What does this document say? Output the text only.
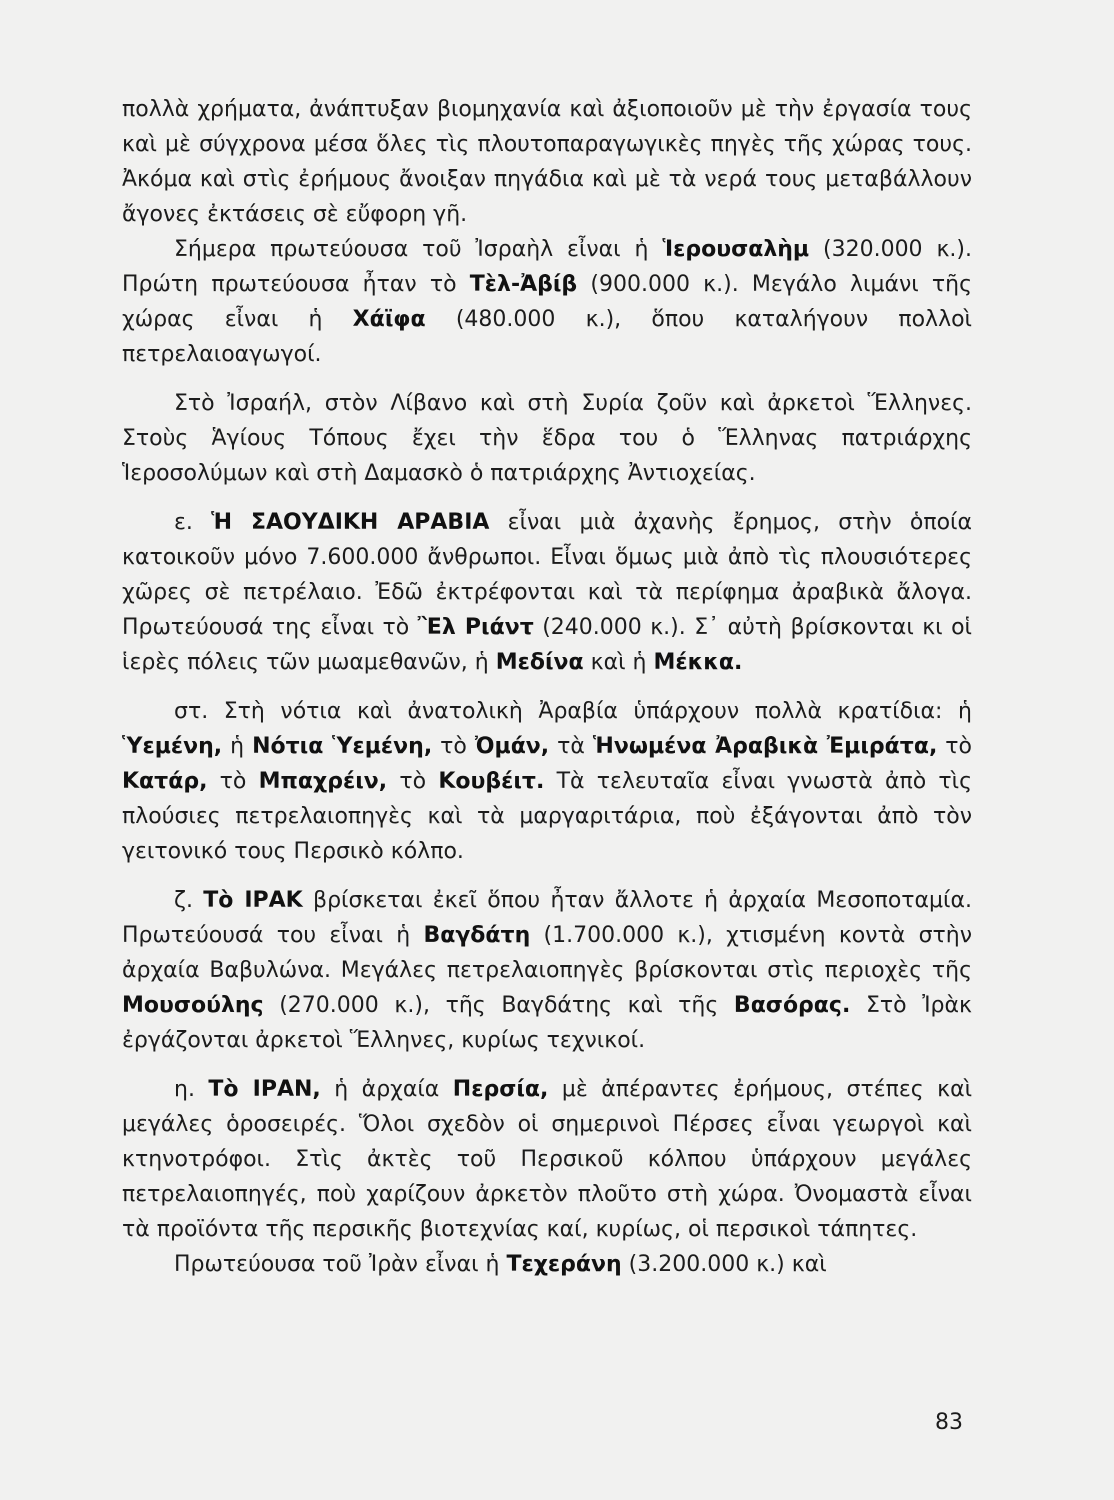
πολλὰ χρήματα, ἀνάπτυξαν βιομηχανία καὶ ἀξιοποιοῦν μὲ τὴν ἐργασία τους καὶ μὲ σύγχρονα μέσα ὅλες τὶς πλουτοπαραγωγικὲς πηγὲς τῆς χώρας τους. Ἀκόμα καὶ στὶς ἐρήμους ἄνοιξαν πηγάδια καὶ μὲ τὰ νερά τους μεταβάλλουν ἄγονες ἐκτάσεις σὲ εὔφορη γῆ.

Σήμερα πρωτεύουσα τοῦ Ἰσραὴλ εἶναι ἡ Ἱερουσαλὴμ (320.000 κ.). Πρώτη πρωτεύουσα ἦταν τὸ Τὲλ-Ἀβίβ (900.000 κ.). Μεγάλο λιμάνι τῆς χώρας εἶναι ἡ Χάϊφα (480.000 κ.), ὅπου καταλήγουν πολλοὶ πετρελαιοαγωγοί.

Στὸ Ἰσραήλ, στὸν Λίβανο καὶ στὴ Συρία ζοῦν καὶ ἀρκετοὶ Ἕλληνες. Στοὺς Ἁγίους Τόπους ἔχει τὴν ἕδρα του ὁ Ἕλληνας πατριάρχης Ἱεροσολύμων καὶ στὴ Δαμασκὸ ὁ πατριάρχης Ἀντιοχείας.

ε. Ἡ ΣΑΟΥΔΙΚΗ ΑΡΑΒΙΑ εἶναι μιὰ ἀχανὴς ἔρημος, στὴν ὁποία κατοικοῦν μόνο 7.600.000 ἄνθρωποι. Εἶναι ὅμως μιὰ ἀπὸ τὶς πλουσιότερες χῶρες σὲ πετρέλαιο. Ἐδῶ ἐκτρέφονται καὶ τὰ περίφημα ἀραβικὰ ἄλογα. Πρωτεύουσά της εἶναι τὸ Ἒλ Ριάντ (240.000 κ.). Σ᾽ αὐτὴ βρίσκονται κι οἱ ἱερὲς πόλεις τῶν μωαμεθανῶν, ἡ Μεδίνα καὶ ἡ Μέκκα.

στ. Στὴ νότια καὶ ἀνατολικὴ Ἀραβία ὑπάρχουν πολλὰ κρατίδια: ἡ Ὑεμένη, ἡ Νότια Ὑεμένη, τὸ Ὀμάν, τὰ Ἡνωμένα Ἀραβικὰ Ἐμιράτα, τὸ Κατάρ, τὸ Μπαχρέιν, τὸ Κουβέιτ. Τὰ τελευταῖα εἶναι γνωστὰ ἀπὸ τὶς πλούσιες πετρελαιοπηγὲς καὶ τὰ μαργαριτάρια, ποὺ ἐξάγονται ἀπὸ τὸν γειτονικό τους Περσικὸ κόλπο.

ζ. Τὸ ΙΡΑΚ βρίσκεται ἐκεῖ ὅπου ἦταν ἄλλοτε ἡ ἀρχαία Μεσοποταμία. Πρωτεύουσά του εἶναι ἡ Βαγδάτη (1.700.000 κ.), χτισμένη κοντὰ στὴν ἀρχαία Βαβυλώνα. Μεγάλες πετρελαιοπηγὲς βρίσκονται στὶς περιοχὲς τῆς Μουσούλης (270.000 κ.), τῆς Βαγδάτης καὶ τῆς Βασόρας. Στὸ Ἰρὰκ ἐργάζονται ἀρκετοὶ Ἕλληνες, κυρίως τεχνικοί.

η. Τὸ ΙΡΑΝ, ἡ ἀρχαία Περσία, μὲ ἀπέραντες ἐρήμους, στέπες καὶ μεγάλες ὁροσειρές. Ὅλοι σχεδὸν οἱ σημερινοὶ Πέρσες εἶναι γεωργοὶ καὶ κτηνοτρόφοι. Στὶς ἀκτὲς τοῦ Περσικοῦ κόλπου ὑπάρχουν μεγάλες πετρελαιοπηγές, ποὺ χαρίζουν ἀρκετὸν πλοῦτο στὴ χώρα. Ὀνομαστὰ εἶναι τὰ προϊόντα τῆς περσικῆς βιοτεχνίας καί, κυρίως, οἱ περσικοὶ τάπητες.

Πρωτεύουσα τοῦ Ἰρὰν εἶναι ἡ Τεχεράνη (3.200.000 κ.) καὶ

83
